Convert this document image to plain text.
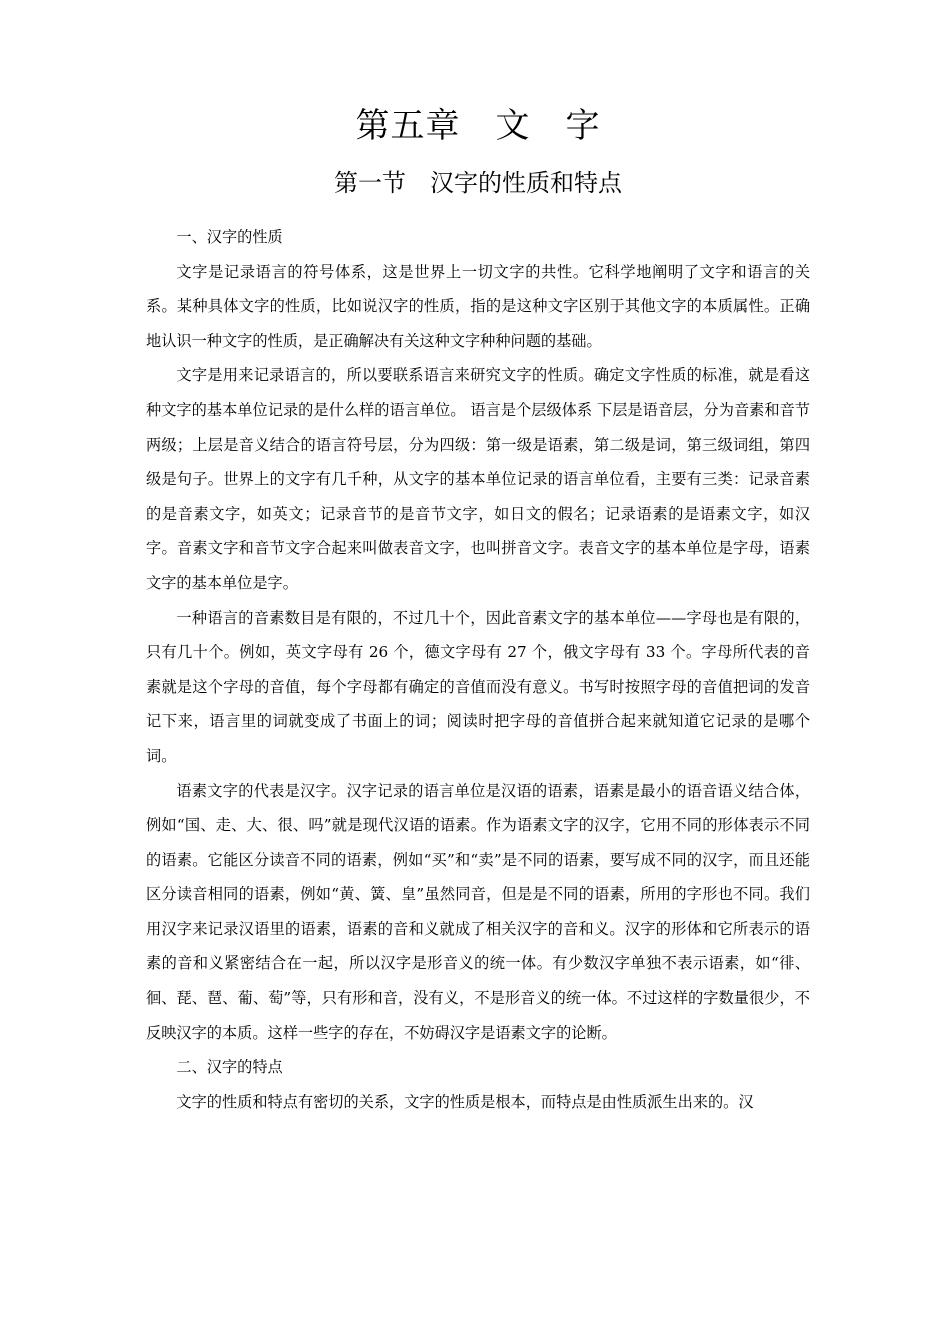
第五章　文　字
第一节　汉字的性质和特点

一、汉字的性质

文字是记录语言的符号体系，这是世界上一切文字的共性。它科学地阐明了文字和语言的关系。某种具体文字的性质，比如说汉字的性质，指的是这种文字区别于其他文字的本质属性。正确地认识一种文字的性质，是正确解决有关这种文字种种问题的基础。

文字是用来记录语言的，所以要联系语言来研究文字的性质。确定文字性质的标准，就是看这种文字的基本单位记录的是什么样的语言单位。 语言是个层级体系 下层是语音层，分为音素和音节两级；上层是音义结合的语言符号层，分为四级：第一级是语素，第二级是词，第三级词组，第四级是句子。世界上的文字有几千种，从文字的基本单位记录的语言单位看，主要有三类：记录音素的是音素文字，如英文；记录音节的是音节文字，如日文的假名；记录语素的是语素文字，如汉字。音素文字和音节文字合起来叫做表音文字，也叫拼音文字。表音文字的基本单位是字母，语素文字的基本单位是字。

一种语言的音素数目是有限的，不过几十个，因此音素文字的基本单位——字母也是有限的，只有几十个。例如，英文字母有 26 个，德文字母有 27 个，俄文字母有 33 个。字母所代表的音素就是这个字母的音值，每个字母都有确定的音值而没有意义。书写时按照字母的音值把词的发音记下来，语言里的词就变成了书面上的词；阅读时把字母的音值拼合起来就知道它记录的是哪个词。

语素文字的代表是汉字。汉字记录的语言单位是汉语的语素，语素是最小的语音语义结合体，例如“国、走、大、很、吗”就是现代汉语的语素。作为语素文字的汉字，它用不同的形体表示不同的语素。它能区分读音不同的语素，例如“买”和“卖”是不同的语素，要写成不同的汉字，而且还能区分读音相同的语素，例如“黄、簧、皇”虽然同音，但是是不同的语素，所用的字形也不同。我们用汉字来记录汉语里的语素，语素的音和义就成了相关汉字的音和义。汉字的形体和它所表示的语素的音和义紧密结合在一起，所以汉字是形音义的统一体。有少数汉字单独不表示语素，如“徘、徊、琵、琶、葡、萄”等，只有形和音，没有义，不是形音义的统一体。不过这样的字数量很少，不反映汉字的本质。这样一些字的存在，不妨碍汉字是语素文字的论断。

二、汉字的特点

文字的性质和特点有密切的关系，文字的性质是根本，而特点是由性质派生出来的。汉
